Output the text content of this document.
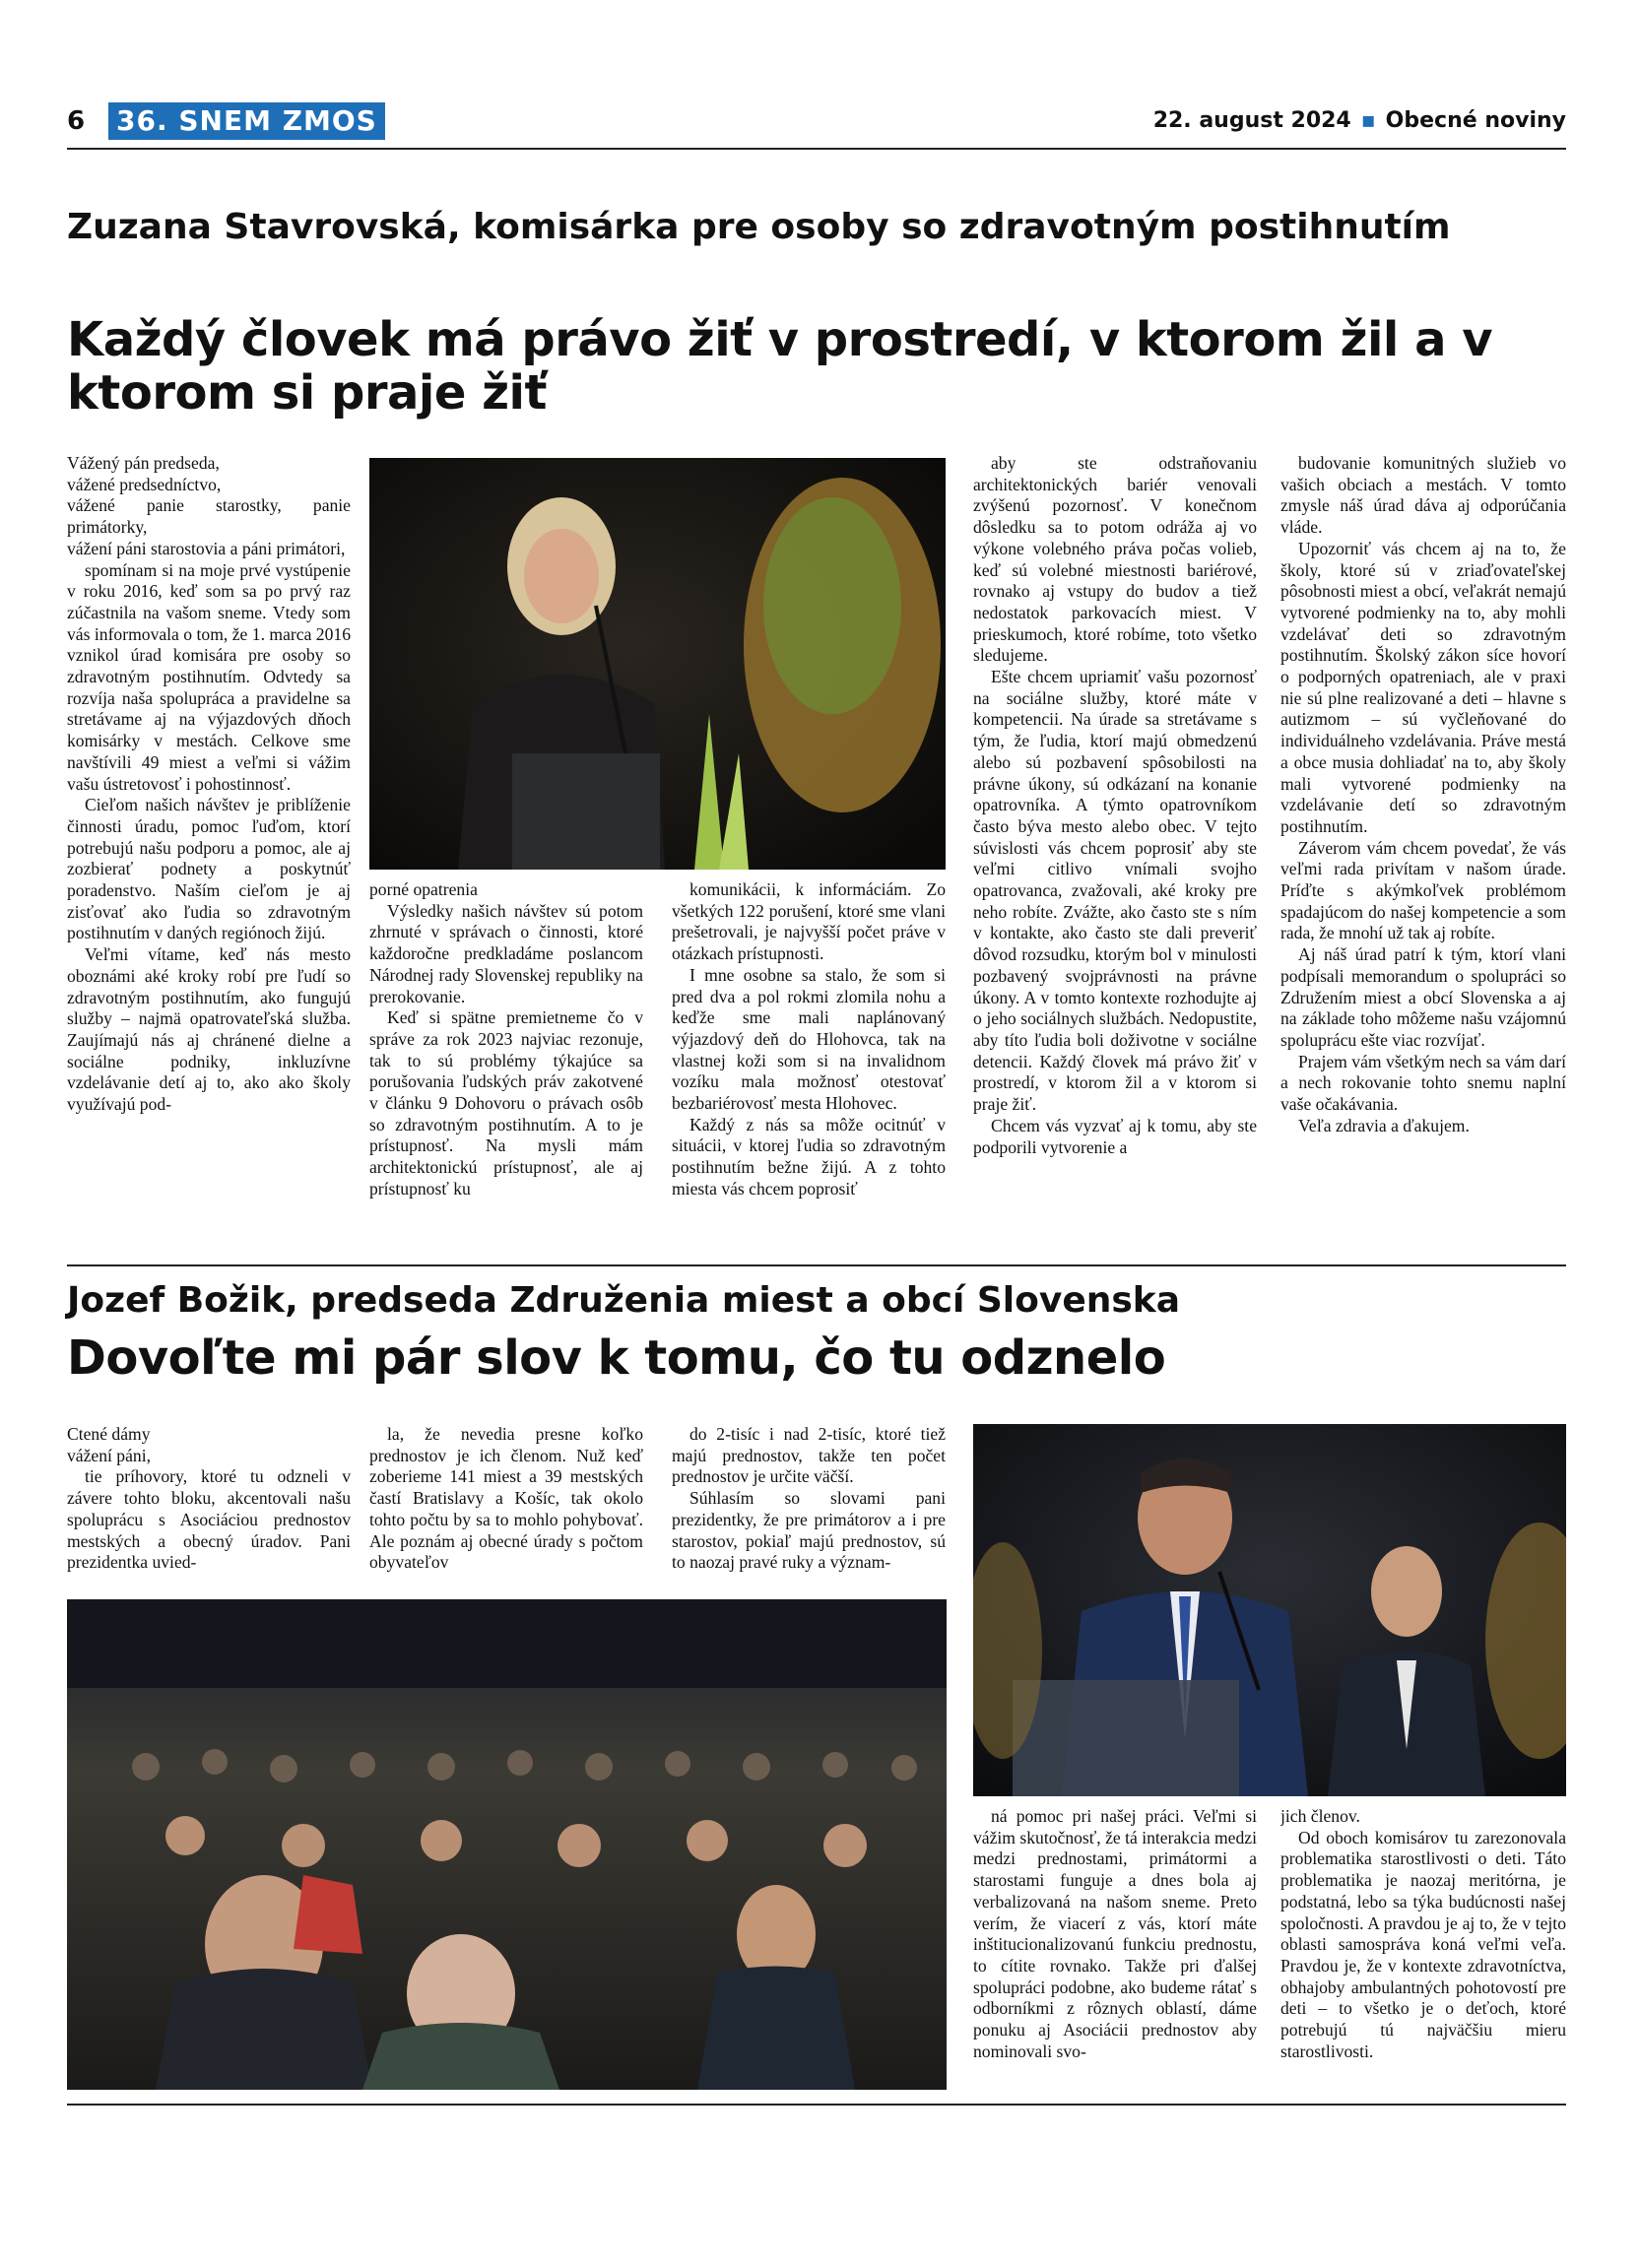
6 36. SNEM ZMOS	22. august 2024 ▪ Obecné noviny
Zuzana Stavrovská, komisárka pre osoby so zdravotným postihnutím
Každý človek má právo žiť v prostredí, v ktorom žil a v ktorom si praje žiť

Vážený pán predseda,

vážené predsedníctvo,

vážené panie starostky, panie primátorky,

vážení páni starostovia a páni primátori,

spomínam si na moje prvé vystúpenie v roku 2016, keď som sa po prvý raz zúčastnila na vašom sneme. Vtedy som vás informovala o tom, že 1. marca 2016 vznikol úrad komisára pre osoby so zdravotným postihnutím. Odvtedy sa rozvíja naša spolupráca a pravidelne sa stretávame aj na výjazdových dňoch komisárky v mestách. Celkove sme navštívili 49 miest a veľmi si vážim vašu ústretovosť i pohostinnosť.

Cieľom našich návštev je priblíženie činnosti úradu, pomoc ľuďom, ktorí potrebujú našu podporu a pomoc, ale aj zozbierať podnety a poskytnúť poradenstvo. Naším cieľom je aj zisťovať ako ľudia so zdravotným postihnutím v daných regiónoch žijú.

Veľmi vítame, keď nás mesto oboznámi aké kroky robí pre ľudí so zdravotným postihnutím, ako fungujú služby – najmä opatrovateľská služba. Zaujímajú nás aj chránené dielne a sociálne podniky, inkluzívne vzdelávanie detí aj to, ako ako školy využívajú pod-

porné opatrenia

Výsledky našich návštev sú potom zhrnuté v správach o činnosti, ktoré každoročne predkladáme poslancom Národnej rady Slovenskej republiky na prerokovanie.

Keď si spätne premietneme čo v správe za rok 2023 najviac rezonuje, tak to sú problémy týkajúce sa porušovania ľudských práv zakotvené v článku 9 Dohovoru o právach osôb so zdravotným postihnutím. A to je prístupnosť. Na mysli mám architektonickú prístupnosť, ale aj prístupnosť ku

komunikácii, k informáciám. Zo všetkých 122 porušení, ktoré sme vlani prešetrovali, je najvyšší počet práve v otázkach prístupnosti.

I mne osobne sa stalo, že som si pred dva a pol rokmi zlomila nohu a keďže sme mali naplánovaný výjazdový deň do Hlohovca, tak na vlastnej koži som si na invalidnom vozíku mala možnosť otestovať bezbariérovosť mesta Hlohovec.

Každý z nás sa môže ocitnúť v situácii, v ktorej ľudia so zdravotným postihnutím bežne žijú. A z tohto miesta vás chcem poprosiť

aby ste odstraňovaniu architektonických bariér venovali zvýšenú pozornosť. V konečnom dôsledku sa to potom odráža aj vo výkone volebného práva počas volieb, keď sú volebné miestnosti bariérové, rovnako aj vstupy do budov a tiež nedostatok parkovacích miest. V prieskumoch, ktoré robíme, toto všetko sledujeme.

Ešte chcem upriamiť vašu pozornosť na sociálne služby, ktoré máte v kompetencii. Na úrade sa stretávame s tým, že ľudia, ktorí majú obmedzenú alebo sú pozbavení spôsobilosti na právne úkony, sú odkázaní na konanie opatrovníka. A týmto opatrovníkom často býva mesto alebo obec. V tejto súvislosti vás chcem poprosiť aby ste veľmi citlivo vnímali svojho opatrovanca, zvažovali, aké kroky pre neho robíte. Zvážte, ako často ste s ním v kontakte, ako často ste dali preveriť dôvod rozsudku, ktorým bol v minulosti pozbavený svojprávnosti na právne úkony. A v tomto kontexte rozhodujte aj o jeho sociálnych službách. Nedopustite, aby títo ľudia boli doživotne v sociálne detencii. Každý človek má právo žiť v prostredí, v ktorom žil a v ktorom si praje žiť.

Chcem vás vyzvať aj k tomu, aby ste podporili vytvorenie a

budovanie komunitných služieb vo vašich obciach a mestách. V tomto zmysle náš úrad dáva aj odporúčania vláde.

Upozorniť vás chcem aj na to, že školy, ktoré sú v zriaďovateľskej pôsobnosti miest a obcí, veľakrát nemajú vytvorené podmienky na to, aby mohli vzdelávať deti so zdravotným postihnutím. Školský zákon síce hovorí o podporných opatreniach, ale v praxi nie sú plne realizované a deti – hlavne s autizmom – sú vyčleňované do individuálneho vzdelávania. Práve mestá a obce musia dohliadať na to, aby školy mali vytvorené podmienky na vzdelávanie detí so zdravotným postihnutím.

Záverom vám chcem povedať, že vás veľmi rada privítam v našom úrade. Príďte s akýmkoľvek problémom spadajúcom do našej kompetencie a som rada, že mnohí už tak aj robíte.

Aj náš úrad patrí k tým, ktorí vlani podpísali memorandum o spolupráci so Združením miest a obcí Slovenska a aj na základe toho môžeme našu vzájomnú spoluprácu ešte viac rozvíjať.

Prajem vám všetkým nech sa vám darí a nech rokovanie tohto snemu naplní vaše očakávania.

Veľa zdravia a ďakujem.

Jozef Božik, predseda Združenia miest a obcí Slovenska
Dovoľte mi pár slov k tomu, čo tu odznelo

Ctené dámy

vážení páni,

tie príhovory, ktoré tu odzneli v závere tohto bloku, akcentovali našu spoluprácu s Asociáciou prednostov mestských a obecný úradov. Pani prezidentka uvied-

la, že nevedia presne koľko prednostov je ich členom. Nuž keď zoberieme 141 miest a 39 mestských častí Bratislavy a Košíc, tak okolo tohto počtu by sa to mohlo pohybovať. Ale poznám aj obecné úrady s počtom obyvateľov

do 2-tisíc i nad 2-tisíc, ktoré tiež majú prednostov, takže ten počet prednostov je určite väčší.

Súhlasím so slovami pani prezidentky, že pre primátorov a i pre starostov, pokiaľ majú prednostov, sú to naozaj pravé ruky a význam-

ná pomoc pri našej práci. Veľmi si vážim skutočnosť, že tá interakcia medzi medzi prednostami, primátormi a starostami funguje a dnes bola aj verbalizovaná na našom sneme. Preto verím, že viacerí z vás, ktorí máte inštitucionalizovanú funkciu prednostu, to cítite rovnako. Takže pri ďalšej spolupráci podobne, ako budeme rátať s odborníkmi z rôznych oblastí, dáme ponuku aj Asociácii prednostov aby nominovali svo-

jich členov.

Od oboch komisárov tu zarezonovala problematika starostlivosti o deti. Táto problematika je naozaj meritórna, je podstatná, lebo sa týka budúcnosti našej spoločnosti. A pravdou je aj to, že v tejto oblasti samospráva koná veľmi veľa. Pravdou je, že v kontexte zdravotníctva, obhajoby ambulantných pohotovostí pre deti – to všetko je o deťoch, ktoré potrebujú tú najväčšiu mieru starostlivosti.
